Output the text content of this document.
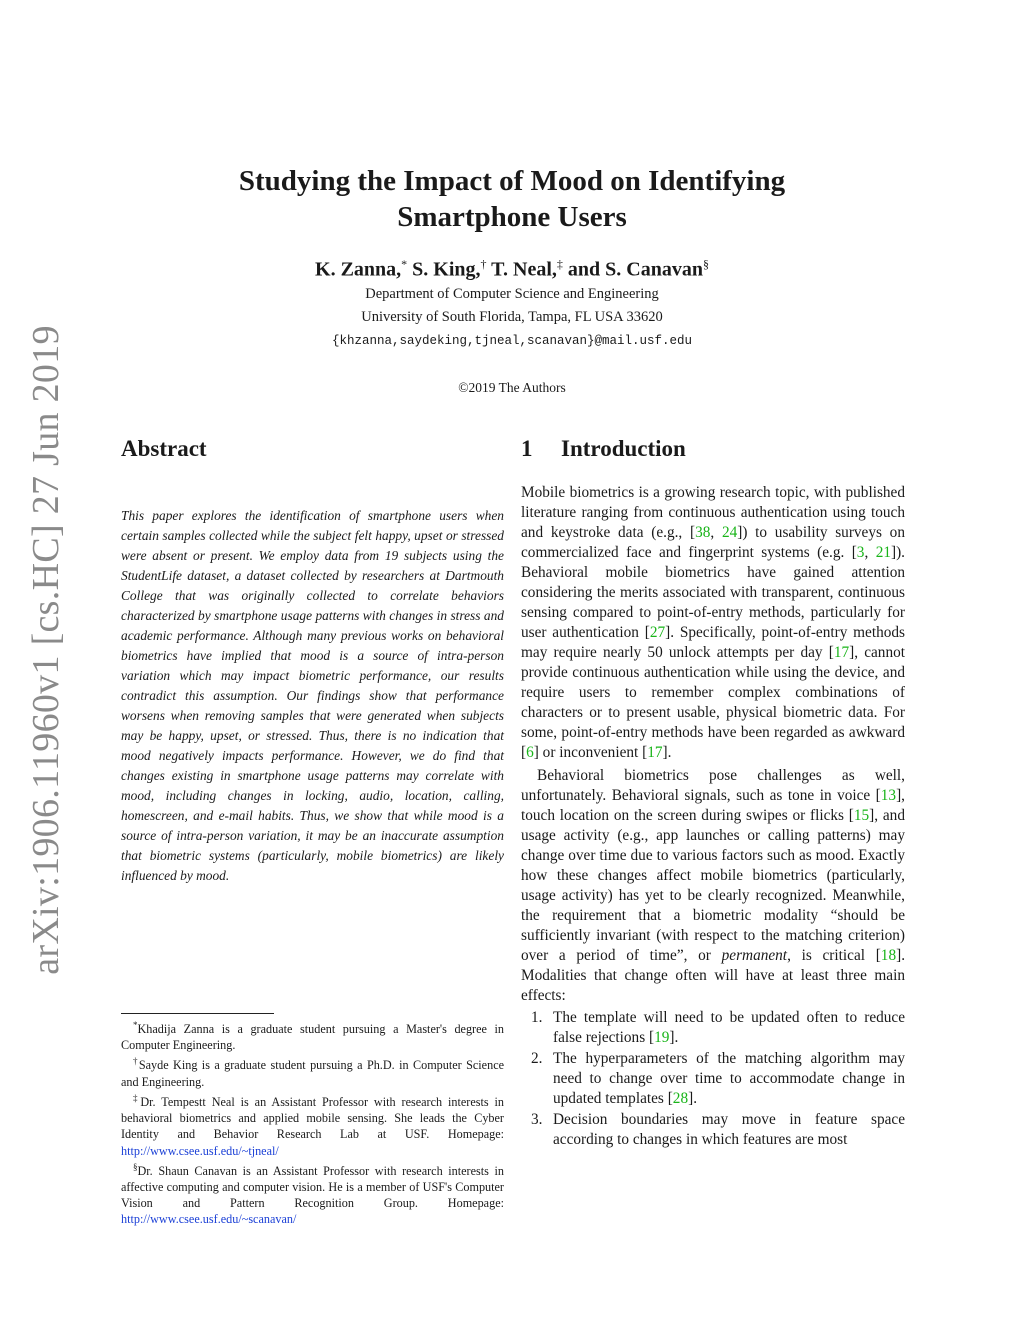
arXiv:1906.11960v1 [cs.HC] 27 Jun 2019
Studying the Impact of Mood on Identifying
Smartphone Users
K. Zanna,* S. King,† T. Neal,‡ and S. Canavan§
Department of Computer Science and Engineering
University of South Florida, Tampa, FL USA 33620
{khzanna,saydeking,tjneal,scanavan}@mail.usf.edu
©2019 The Authors
Abstract
This paper explores the identification of smartphone users when certain samples collected while the subject felt happy, upset or stressed were absent or present. We employ data from 19 subjects using the StudentLife dataset, a dataset collected by researchers at Dartmouth College that was originally collected to correlate behaviors characterized by smartphone usage patterns with changes in stress and academic performance. Although many previous works on behavioral biometrics have implied that mood is a source of intra-person variation which may impact biometric performance, our results contradict this assumption. Our findings show that performance worsens when removing samples that were generated when subjects may be happy, upset, or stressed. Thus, there is no indication that mood negatively impacts performance. However, we do find that changes existing in smartphone usage patterns may correlate with mood, including changes in locking, audio, location, calling, homescreen, and e-mail habits. Thus, we show that while mood is a source of intra-person variation, it may be an inaccurate assumption that biometric systems (particularly, mobile biometrics) are likely influenced by mood.

*Khadija Zanna is a graduate student pursuing a Master's degree in Computer Engineering.

†Sayde King is a graduate student pursuing a Ph.D. in Computer Science and Engineering.

‡Dr. Tempestt Neal is an Assistant Professor with research interests in behavioral biometrics and applied mobile sensing. She leads the Cyber Identity and Behavior Research Lab at USF. Homepage: http://www.csee.usf.edu/~tjneal/

§Dr. Shaun Canavan is an Assistant Professor with research interests in affective computing and computer vision. He is a member of USF's Computer Vision and Pattern Recognition Group. Homepage: http://www.csee.usf.edu/~scanavan/

1 Introduction

Mobile biometrics is a growing research topic, with published literature ranging from continuous authentication using touch and keystroke data (e.g., [38, 24]) to usability surveys on commercialized face and fingerprint systems (e.g. [3, 21]). Behavioral mobile biometrics have gained attention considering the merits associated with transparent, continuous sensing compared to point-of-entry methods, particularly for user authentication [27]. Specifically, point-of-entry methods may require nearly 50 unlock attempts per day [17], cannot provide continuous authentication while using the device, and require users to remember complex combinations of characters or to present usable, physical biometric data. For some, point-of-entry methods have been regarded as awkward [6] or inconvenient [17].

Behavioral biometrics pose challenges as well, unfortunately. Behavioral signals, such as tone in voice [13], touch location on the screen during swipes or flicks [15], and usage activity (e.g., app launches or calling patterns) may change over time due to various factors such as mood. Exactly how these changes affect mobile biometrics (particularly, usage activity) has yet to be clearly recognized. Meanwhile, the requirement that a biometric modality “should be sufficiently invariant (with respect to the matching criterion) over a period of time”, or permanent, is critical [18]. Modalities that change often will have at least three main effects:

1. The template will need to be updated often to reduce false rejections [19].
2. The hyperparameters of the matching algorithm may need to change over time to accommodate change in updated templates [28].
3. Decision boundaries may move in feature space according to changes in which features are most
